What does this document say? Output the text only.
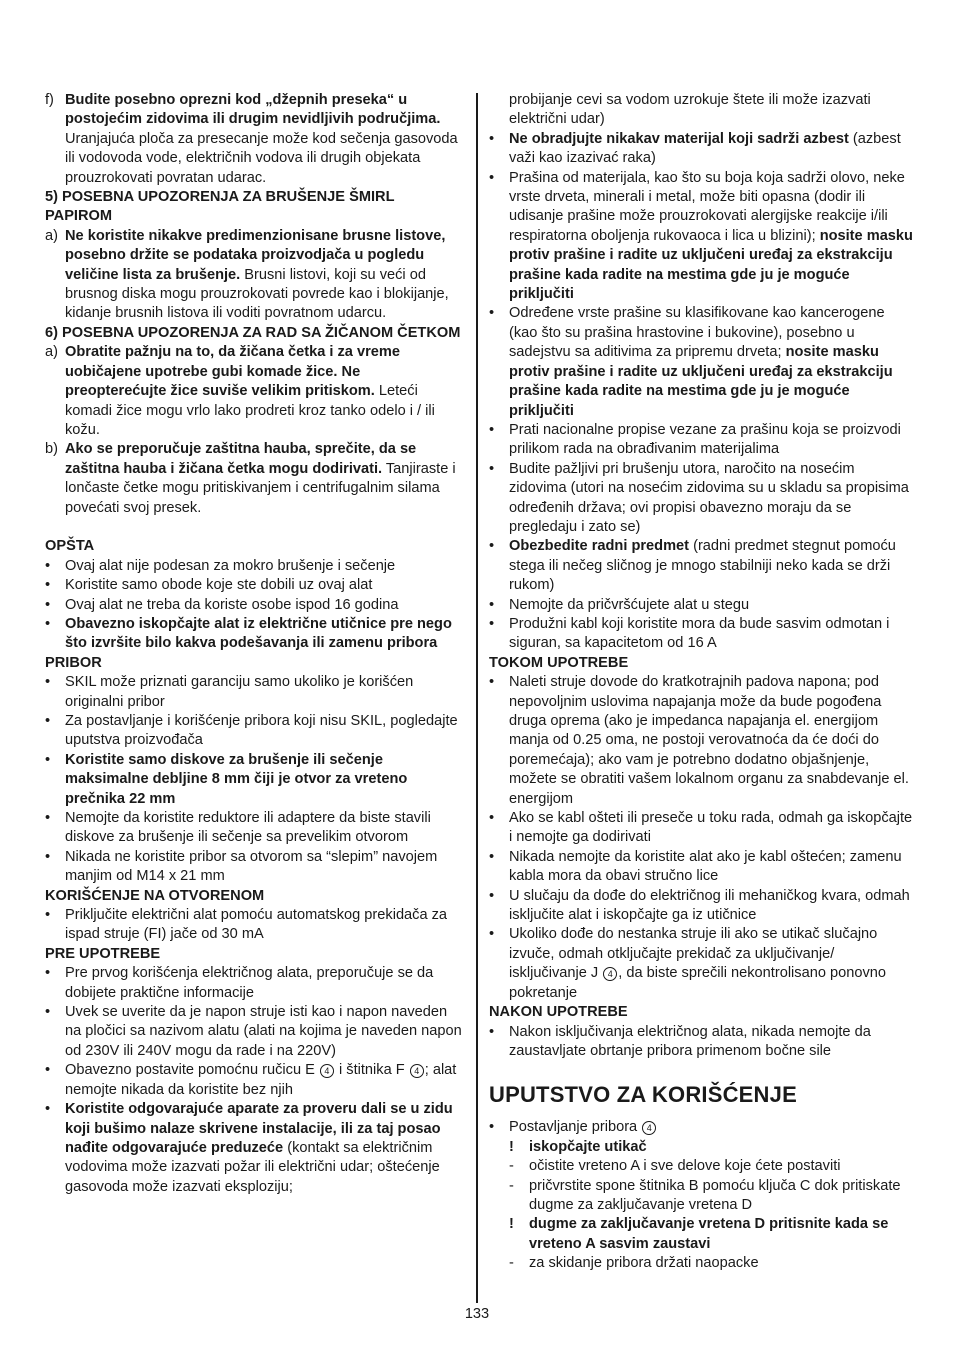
f) Budite posebno oprezni kod „džepnih preseka“ u postojećim zidovima ili drugim nevidljivih područjima. Uranjajuća ploča za presecanje može kod sečenja gasovoda ili vodovoda vode, električnih vodova ili drugih objekata prouzrokovati povratan udarac.
5) POSEBNA UPOZORENJA ZA BRUŠENJE ŠMIRL PAPIROM
a) Ne koristite nikakve predimenzionisane brusne listove, posebno držite se podataka proizvodjača u pogledu veličine lista za brušenje. Brusni listovi, koji su veći od brusnog diska mogu prouzrokovati povrede kao i blokijanje, kidanje brusnih listova ili voditi povratnom udarcu.
6) POSEBNA UPOZORENJA ZA RAD SA ŽIČANOM ČETKOM
a) Obratite pažnju na to, da žičana četka i za vreme uobičajene upotrebe gubi komade žice. Ne preopterećujte žice suviše velikim pritiskom. Leteći komadi žice mogu vrlo lako prodreti kroz tanko odelo i / ili kožu.
b) Ako se preporučuje zaštitna hauba, sprečite, da se zaštitna hauba i žičana četka mogu dodirivati. Tanjiraste i lončaste četke mogu pritiskivanjem i centrifugalnim silama povećati svoj presek.
OPŠTA
•	Ovaj alat nije podesan za mokro brušenje i sečenje
•	Koristite samo obode koje ste dobili uz ovaj alat
•	Ovaj alat ne treba da koriste osobe ispod 16 godina
•	Obavezno iskopčajte alat iz električne utičnice pre nego što izvršite bilo kakva podešavanja ili zamenu pribora
PRIBOR
•	SKIL može priznati garanciju samo ukoliko je korišćen originalni pribor
•	Za postavljanje i korišćenje pribora koji nisu SKIL, pogledajte uputstva proizvođača
•	Koristite samo diskove za brušenje ili sečenje maksimalne debljine 8 mm čiji je otvor za vreteno prečnika 22 mm
•	Nemojte da koristite reduktore ili adaptere da biste stavili diskove za brušenje ili sečenje sa prevelikim otvorom
•	Nikada ne koristite pribor sa otvorom sa “slepim” navojem manjim od M14 x 21 mm
KORIŠĆENJE NA OTVORENOM
•	Priključite električni alat pomoću automatskog prekidača za ispad struje (FI) jače od 30 mA
PRE UPOTREBE
•	Pre prvog korišćenja električnog alata, preporučuje se da dobijete praktične informacije
•	Uvek se uverite da je napon struje isti kao i napon naveden na pločici sa nazivom alatu (alati na kojima je naveden napon od 230V ili 240V mogu da rade i na 220V)
•	Obavezno postavite pomoćnu ručicu E 4 i štitnika F 4 ; alat nemojte nikada da koristite bez njih
•	Koristite odgovarajuće aparate za proveru dali se u zidu koji bušimo nalaze skrivene instalacije, ili za taj posao nađite odgovarajuće preduzeće (kontakt sa električnim vodovima može izazvati požar ili električni udar; oštećenje gasovoda može izazvati eksploziju;
probijanje cevi sa vodom uzrokuje štete ili može izazvati električni udar)
•	Ne obradjujte nikakav materijal koji sadrži azbest (azbest važi kao izazivać raka)
•	Prašina od materijala, kao što su boja koja sadrži olovo, neke vrste drveta, minerali i metal, može biti opasna (dodir ili udisanje prašine može prouzrokovati alergijske reakcije i/ili respiratorna oboljenja rukovaoca i lica u blizini); nosite masku protiv prašine i radite uz uključeni uređaj za ekstrakciju prašine kada radite na mestima gde ju je moguće priključiti
•	Određene vrste prašine su klasifikovane kao kancerogene (kao što su prašina hrastovine i bukovine), posebno u sadejstvu sa aditivima za pripremu drveta; nosite masku protiv prašine i radite uz uključeni uređaj za ekstrakciju prašine kada radite na mestima gde ju je moguće priključiti
•	Prati nacionalne propise vezane za prašinu koja se proizvodi prilikom rada na obrađivanim materijalima
•	Budite pažljivi pri brušenju utora, naročito na nosećim zidovima (utori na nosećim zidovima su u skladu sa propisima određenih država; ovi propisi obavezno moraju da se pregledaju i zato se)
•	Obezbedite radni predmet (radni predmet stegnut pomoću stega ili nečeg sličnog je mnogo stabilniji neko kada se drži rukom)
•	Nemojte da pričvršćujete alat u stegu
•	Produžni kabl koji koristite mora da bude sasvim odmotan i siguran, sa kapacitetom od 16 A
TOKOM UPOTREBE
•	Naleti struje dovode do kratkotrajnih padova napona; pod nepovoljnim uslovima napajanja može da bude pogođena druga oprema (ako je impedanca napajanja el. energijom manja od 0.25 oma, ne postoji verovatnoća da će doći do poremećaja); ako vam je potrebno dodatno objašnjenje, možete se obratiti vašem lokalnom organu za snabdevanje el. energijom
•	Ako se kabl ošteti ili preseče u toku rada, odmah ga iskopčajte i nemojte ga dodirivati
•	Nikada nemojte da koristite alat ako je kabl oštećen; zamenu kabla mora da obavi stručno lice
•	U slučaju da dođe do električnog ili mehaničkog kvara, odmah isključite alat i iskopčajte ga iz utičnice
•	Ukoliko dođe do nestanka struje ili ako se utikač slučajno izvuče, odmah otključajte prekidač za uključivanje/ isključivanje J 4 , da biste sprečili nekontrolisano ponovno pokretanje
NAKON UPOTREBE
•	Nakon isključivanja električnog alata, nikada nemojte da zaustavljate obrtanje pribora primenom bočne sile
UPUTSTVO ZA KORIŠĆENJE
•	Postavljanje pribora 4
!	iskopčajte utikač
-	očistite vreteno A i sve delove koje ćete postaviti
-	pričvrstite spone štitnika B pomoću ključa C dok pritiskate dugme za zaključavanje vretena D
!	dugme za zaključavanje vretena D pritisnite kada se vreteno A sasvim zaustavi
-	za skidanje pribora držati naopacke
133
